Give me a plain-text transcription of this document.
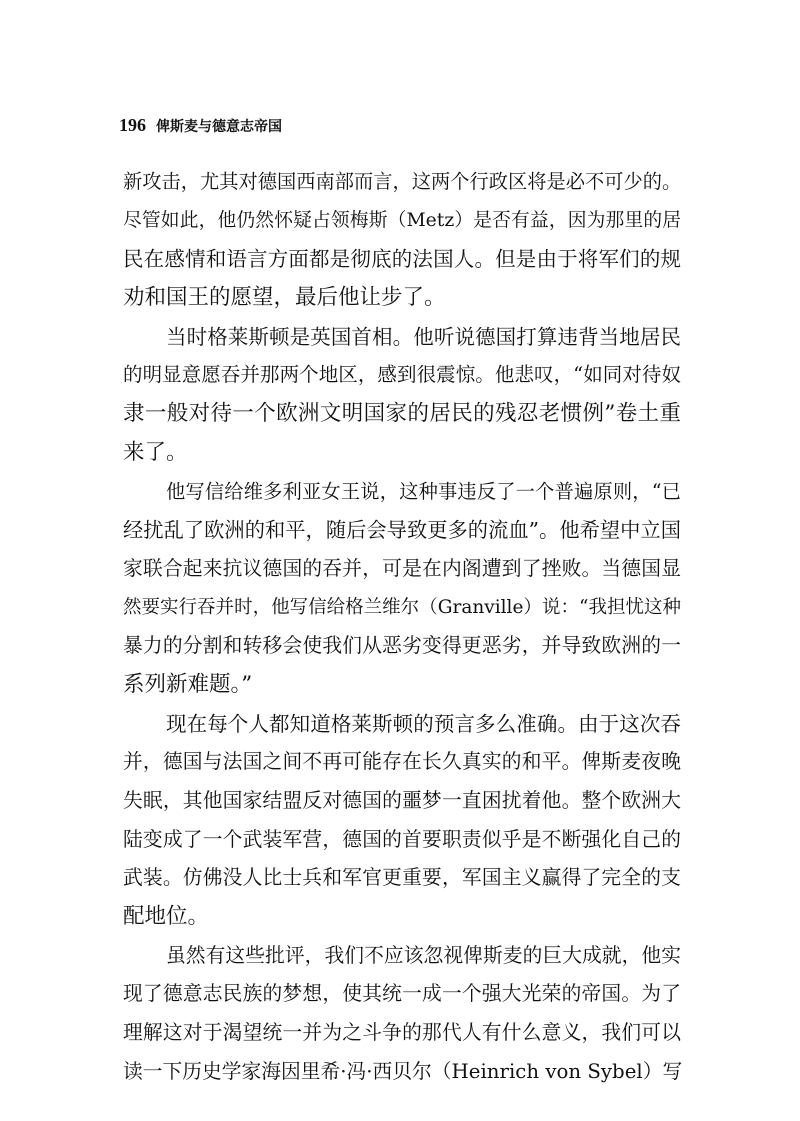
196 俾斯麦与德意志帝国
新攻击，尤其对德国西南部而言，这两个行政区将是必不可少的。
尽管如此，他仍然怀疑占领梅斯（Metz）是否有益，因为那里的居
民在感情和语言方面都是彻底的法国人。但是由于将军们的规
劝和国王的愿望，最后他让步了。
当时格莱斯顿是英国首相。他听说德国打算违背当地居民
的明显意愿吞并那两个地区，感到很震惊。他悲叹，“如同对待奴
隶一般对待一个欧洲文明国家的居民的残忍老惯例”卷土重
来了。
他写信给维多利亚女王说，这种事违反了一个普遍原则，“已
经扰乱了欧洲的和平，随后会导致更多的流血”。他希望中立国
家联合起来抗议德国的吞并，可是在内阁遭到了挫败。当德国显
然要实行吞并时，他写信给格兰维尔（Granville）说：“我担忧这种
暴力的分割和转移会使我们从恶劣变得更恶劣，并导致欧洲的一
系列新难题。”
现在每个人都知道格莱斯顿的预言多么准确。由于这次吞
并，德国与法国之间不再可能存在长久真实的和平。俾斯麦夜晚
失眠，其他国家结盟反对德国的噩梦一直困扰着他。整个欧洲大
陆变成了一个武装军营，德国的首要职责似乎是不断强化自己的
武装。仿佛没人比士兵和军官更重要，军国主义赢得了完全的支
配地位。
虽然有这些批评，我们不应该忽视俾斯麦的巨大成就，他实
现了德意志民族的梦想，使其统一成一个强大光荣的帝国。为了
理解这对于渴望统一并为之斗争的那代人有什么意义，我们可以
读一下历史学家海因里希·冯·西贝尔（Heinrich von Sybel）写
